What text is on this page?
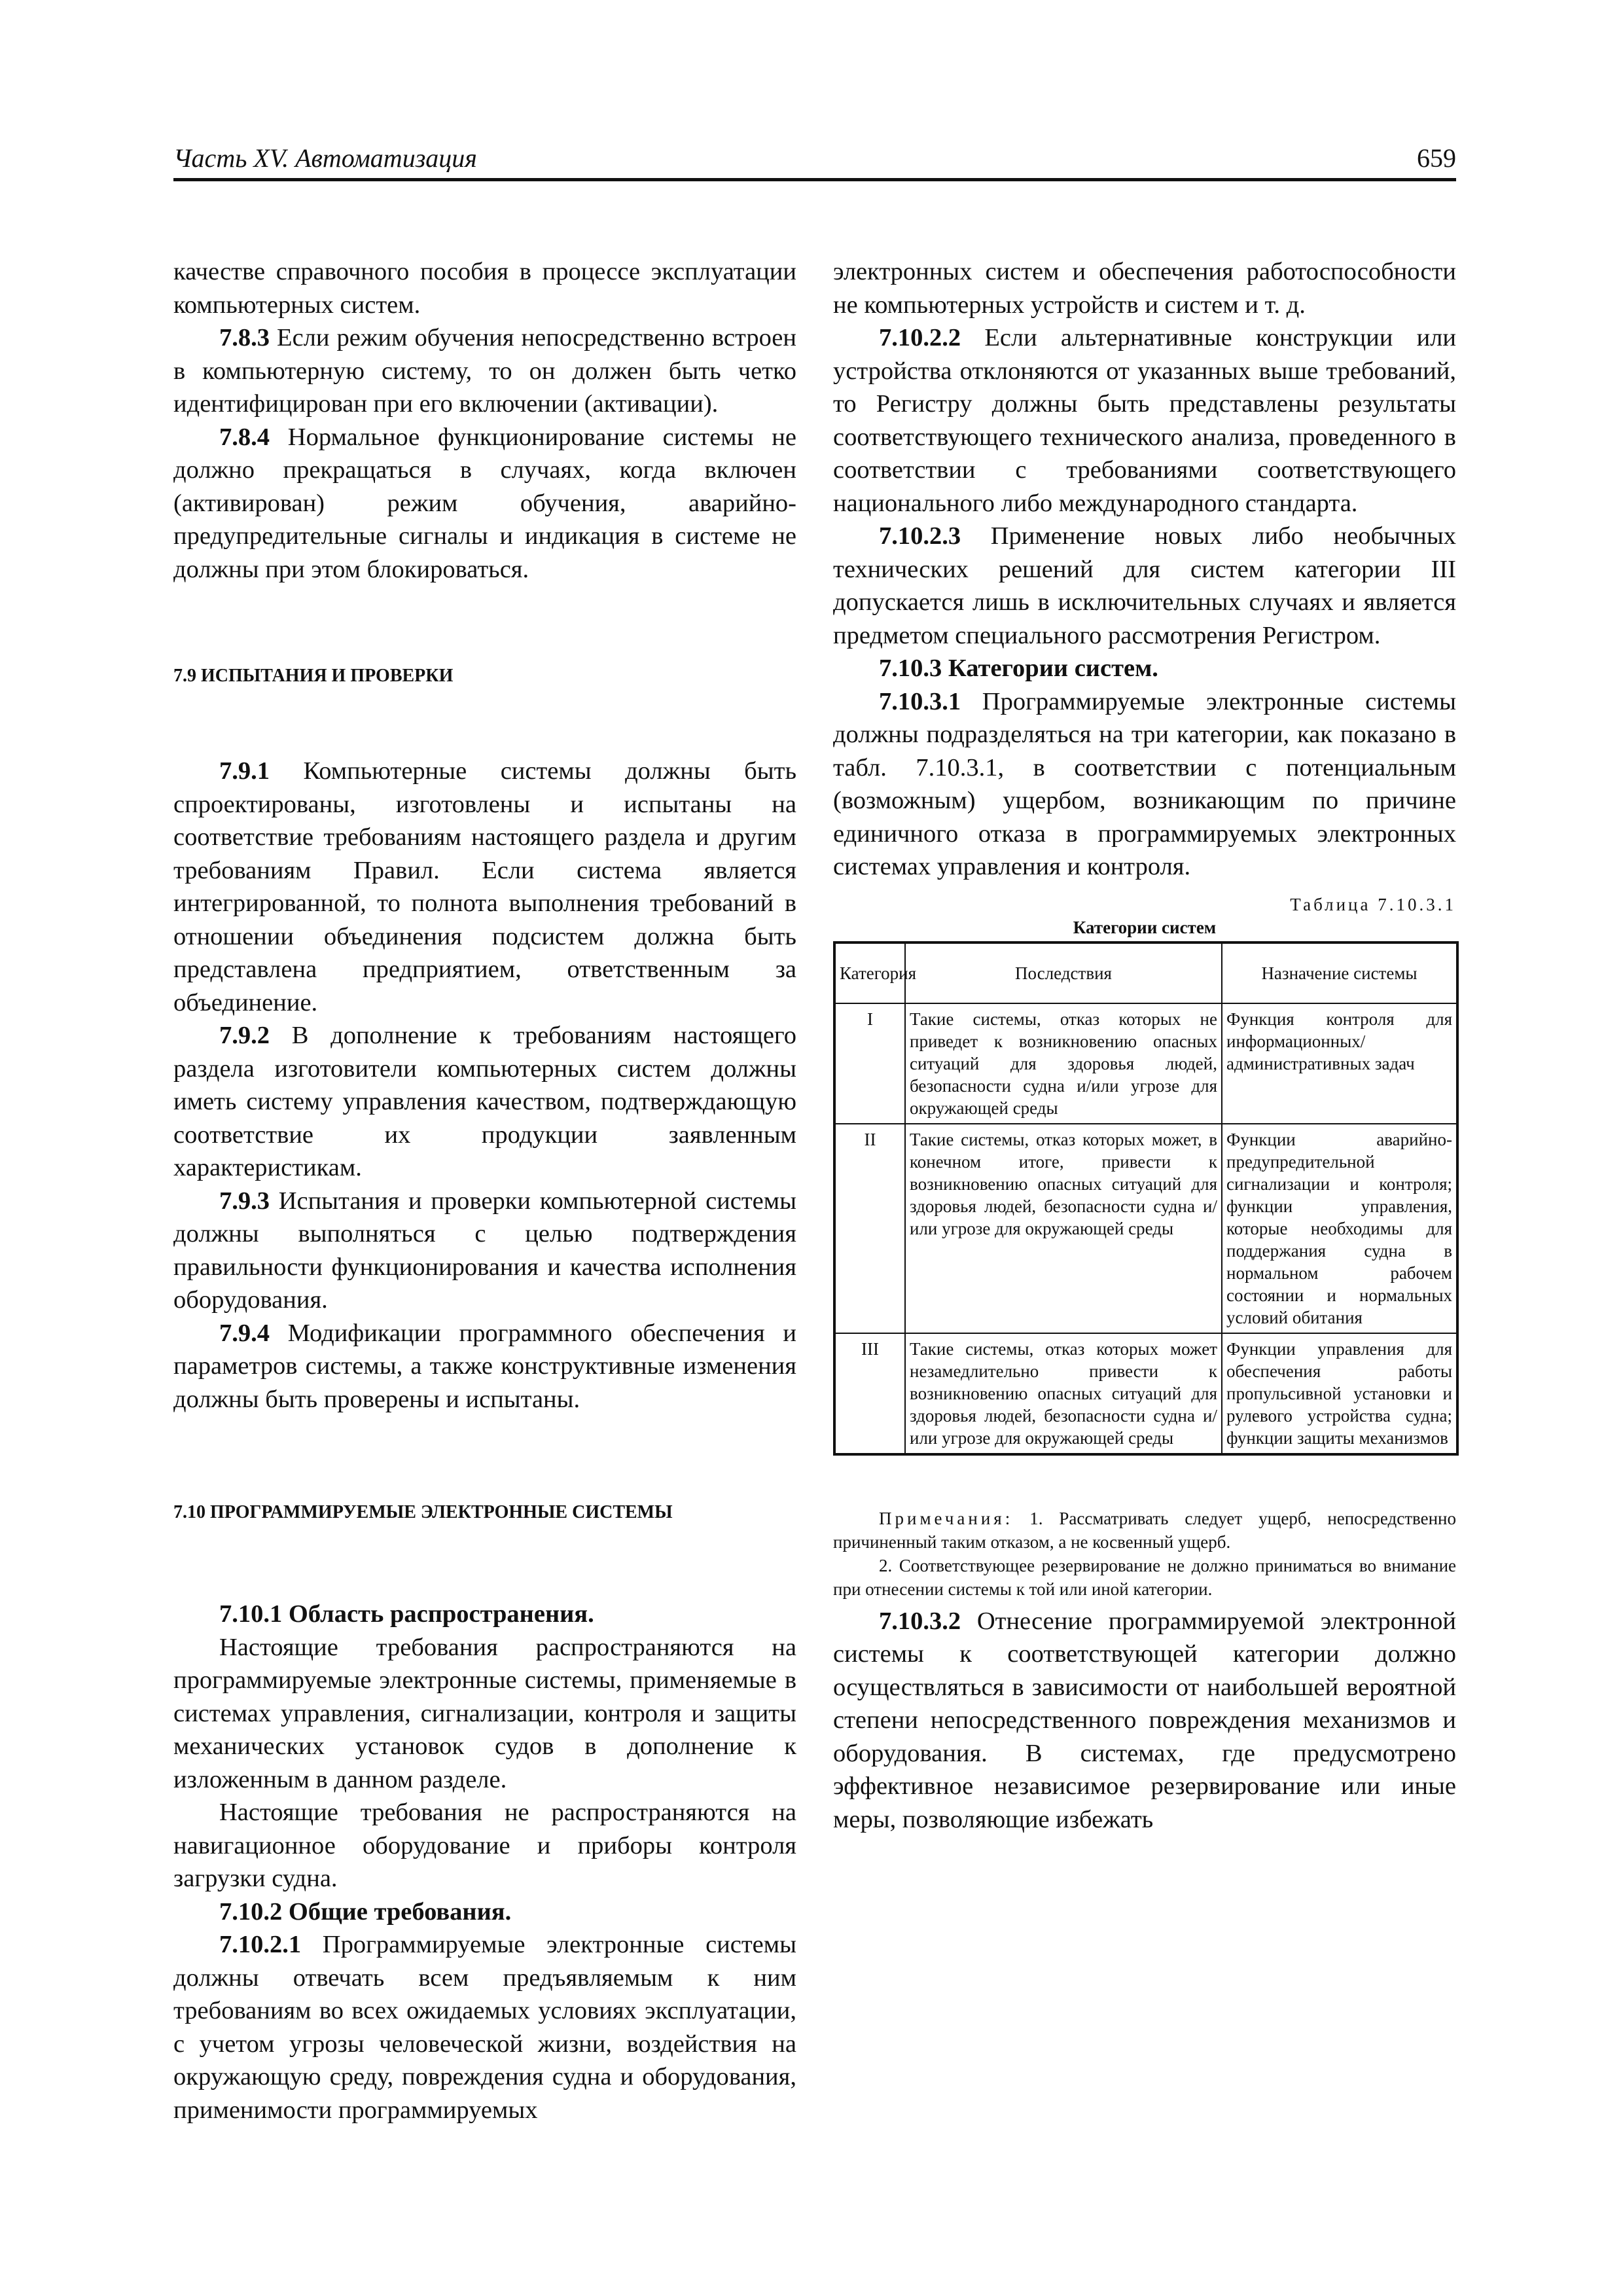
Часть XV. Автоматизация	659

качестве справочного пособия в процессе эксплуатации компьютерных систем.

7.8.3 Если режим обучения непосредственно встроен в компьютерную систему, то он должен быть четко идентифицирован при его включении (активации).

7.8.4 Нормальное функционирование системы не должно прекращаться в случаях, когда включен (активирован) режим обучения, аварийно-предупредительные сигналы и индикация в системе не должны при этом блокироваться.

7.9 ИСПЫТАНИЯ И ПРОВЕРКИ

7.9.1 Компьютерные системы должны быть спроектированы, изготовлены и испытаны на соответствие требованиям настоящего раздела и другим требованиям Правил. Если система является интегрированной, то полнота выполнения требований в отношении объединения подсистем должна быть представлена предприятием, ответственным за объединение.

7.9.2 В дополнение к требованиям настоящего раздела изготовители компьютерных систем должны иметь систему управления качеством, подтверждающую соответствие их продукции заявленным характеристикам.

7.9.3 Испытания и проверки компьютерной системы должны выполняться с целью подтверждения правильности функционирования и качества исполнения оборудования.

7.9.4 Модификации программного обеспечения и параметров системы, а также конструктивные изменения должны быть проверены и испытаны.

7.10 ПРОГРАММИРУЕМЫЕ ЭЛЕКТРОННЫЕ СИСТЕМЫ

7.10.1 Область распространения.

Настоящие требования распространяются на программируемые электронные системы, применяемые в системах управления, сигнализации, контроля и защиты механических установок судов в дополнение к изложенным в данном разделе.

Настоящие требования не распространяются на навигационное оборудование и приборы контроля загрузки судна.

7.10.2 Общие требования.

7.10.2.1 Программируемые электронные системы должны отвечать всем предъявляемым к ним требованиям во всех ожидаемых условиях эксплуатации, с учетом угрозы человеческой жизни, воздействия на окружающую среду, повреждения судна и оборудования, применимости программируемых

электронных систем и обеспечения работоспособности не компьютерных устройств и систем и т. д.

7.10.2.2 Если альтернативные конструкции или устройства отклоняются от указанных выше требований, то Регистру должны быть представлены результаты соответствующего технического анализа, проведенного в соответствии с требованиями соответствующего национального либо международного стандарта.

7.10.2.3 Применение новых либо необычных технических решений для систем категории III допускается лишь в исключительных случаях и является предметом специального рассмотрения Регистром.

7.10.3 Категории систем.

7.10.3.1 Программируемые электронные системы должны подразделяться на три категории, как показано в табл. 7.10.3.1, в соответствии с потенциальным (возможным) ущербом, возникающим по причине единичного отказа в программируемых электронных системах управления и контроля.

Таблица 7.10.3.1
Категории систем
Категория	Последствия	Назначение системы
I	Такие системы, отказ которых не приведет к возникновению опасных ситуаций для здоровья людей, безопасности судна и/или угрозе для окружающей среды	Функция контроля для информационных/ административных задач
II	Такие системы, отказ которых может, в конечном итоге, привести к возникновению опасных ситуаций для здоровья людей, безопасности судна и/ или угрозе для окружающей среды	Функции аварийно-предупредительной сигнализации и контроля; функции управления, которые необходимы для поддержания судна в нормальном рабочем состоянии и нормальных условий обитания
III	Такие системы, отказ которых может незамедлительно привести к возникновению опасных ситуаций для здоровья людей, безопасности судна и/ или угрозе для окружающей среды	Функции управления для обеспечения работы пропульсивной установки и рулевого устройства судна; функции защиты механизмов

Примечания: 1. Рассматривать следует ущерб, непосредственно причиненный таким отказом, а не косвенный ущерб.

2. Соответствующее резервирование не должно приниматься во внимание при отнесении системы к той или иной категории.

7.10.3.2 Отнесение программируемой электронной системы к соответствующей категории должно осуществляться в зависимости от наибольшей вероятной степени непосредственного повреждения механизмов и оборудования. В системах, где предусмотрено эффективное независимое резервирование или иные меры, позволяющие избежать
